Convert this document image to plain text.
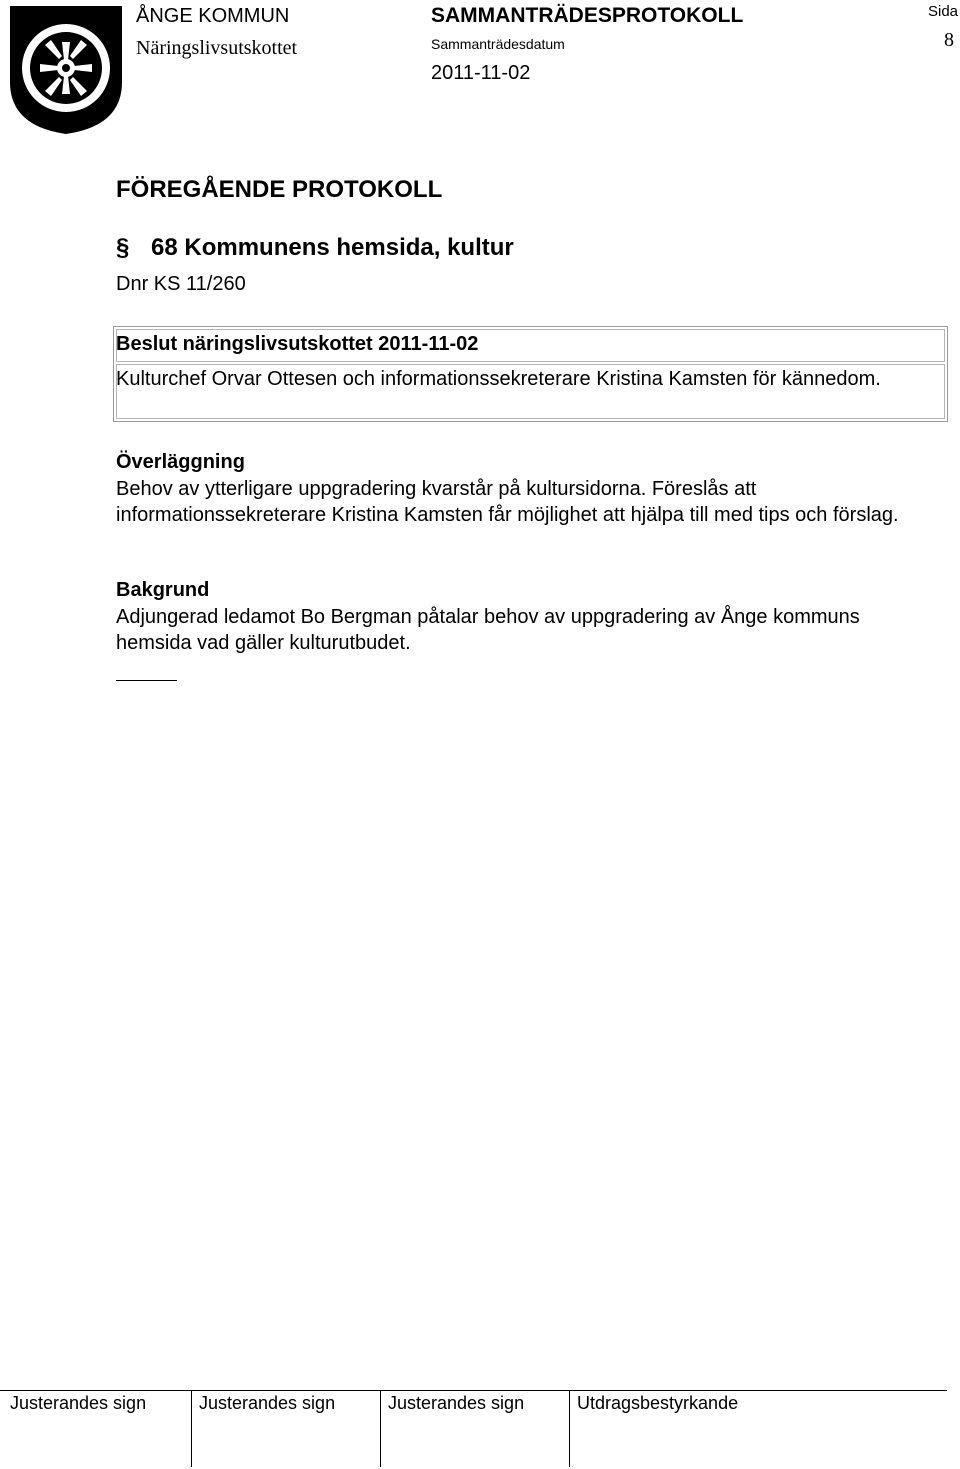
ÅNGE KOMMUN
Näringslivsutskottet
SAMMANTRÄDESPROTOKOLL
Sammanträdesdatum
2011-11-02
Sida
8
FÖREGÅENDE PROTOKOLL
§ 68 Kommunens hemsida, kultur
Dnr KS 11/260
Beslut näringslivsutskottet 2011-11-02
Kulturchef Orvar Ottesen och informationssekreterare Kristina Kamsten för kännedom.
Överläggning
Behov av ytterligare uppgradering kvarstår på kultursidorna. Föreslås att informationssekreterare Kristina Kamsten får möjlighet att hjälpa till med tips och förslag.
Bakgrund
Adjungerad ledamot Bo Bergman påtalar behov av uppgradering av Ånge kommuns hemsida vad gäller kulturutbudet.
Justerandes sign	Justerandes sign	Justerandes sign	Utdragsbestyrkande
